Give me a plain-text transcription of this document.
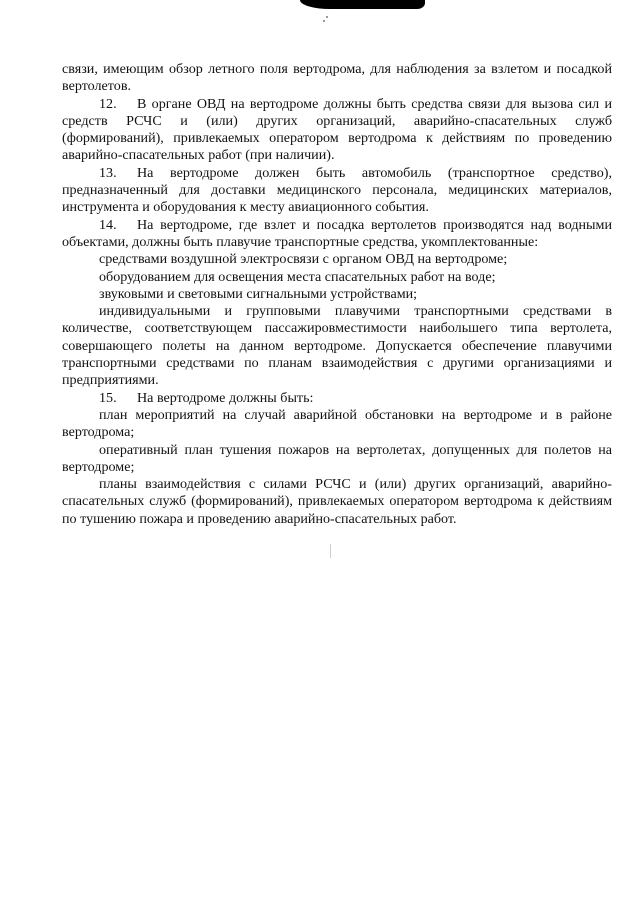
связи, имеющим обзор летного поля вертодрома, для наблюдения за взлетом и посадкой вертолетов.

12. В органе ОВД на вертодроме должны быть средства связи для вызова сил и средств РСЧС и (или) других организаций, аварийно-спасательных служб (формирований), привлекаемых оператором вертодрома к действиям по проведению аварийно-спасательных работ (при наличии).

13. На вертодроме должен быть автомобиль (транспортное средство), предназначенный для доставки медицинского персонала, медицинских материалов, инструмента и оборудования к месту авиационного события.

14. На вертодроме, где взлет и посадка вертолетов производятся над водными объектами, должны быть плавучие транспортные средства, укомплектованные:

средствами воздушной электросвязи с органом ОВД на вертодроме;

оборудованием для освещения места спасательных работ на воде;

звуковыми и световыми сигнальными устройствами;

индивидуальными и групповыми плавучими транспортными средствами в количестве, соответствующем пассажировместимости наибольшего типа вертолета, совершающего полеты на данном вертодроме. Допускается обеспечение плавучими транспортными средствами по планам взаимодействия с другими организациями и предприятиями.

15. На вертодроме должны быть:

план мероприятий на случай аварийной обстановки на вертодроме и в районе вертодрома;

оперативный план тушения пожаров на вертолетах, допущенных для полетов на вертодроме;

планы взаимодействия с силами РСЧС и (или) других организаций, аварийно-спасательных служб (формирований), привлекаемых оператором вертодрома к действиям по тушению пожара и проведению аварийно-спасательных работ.
